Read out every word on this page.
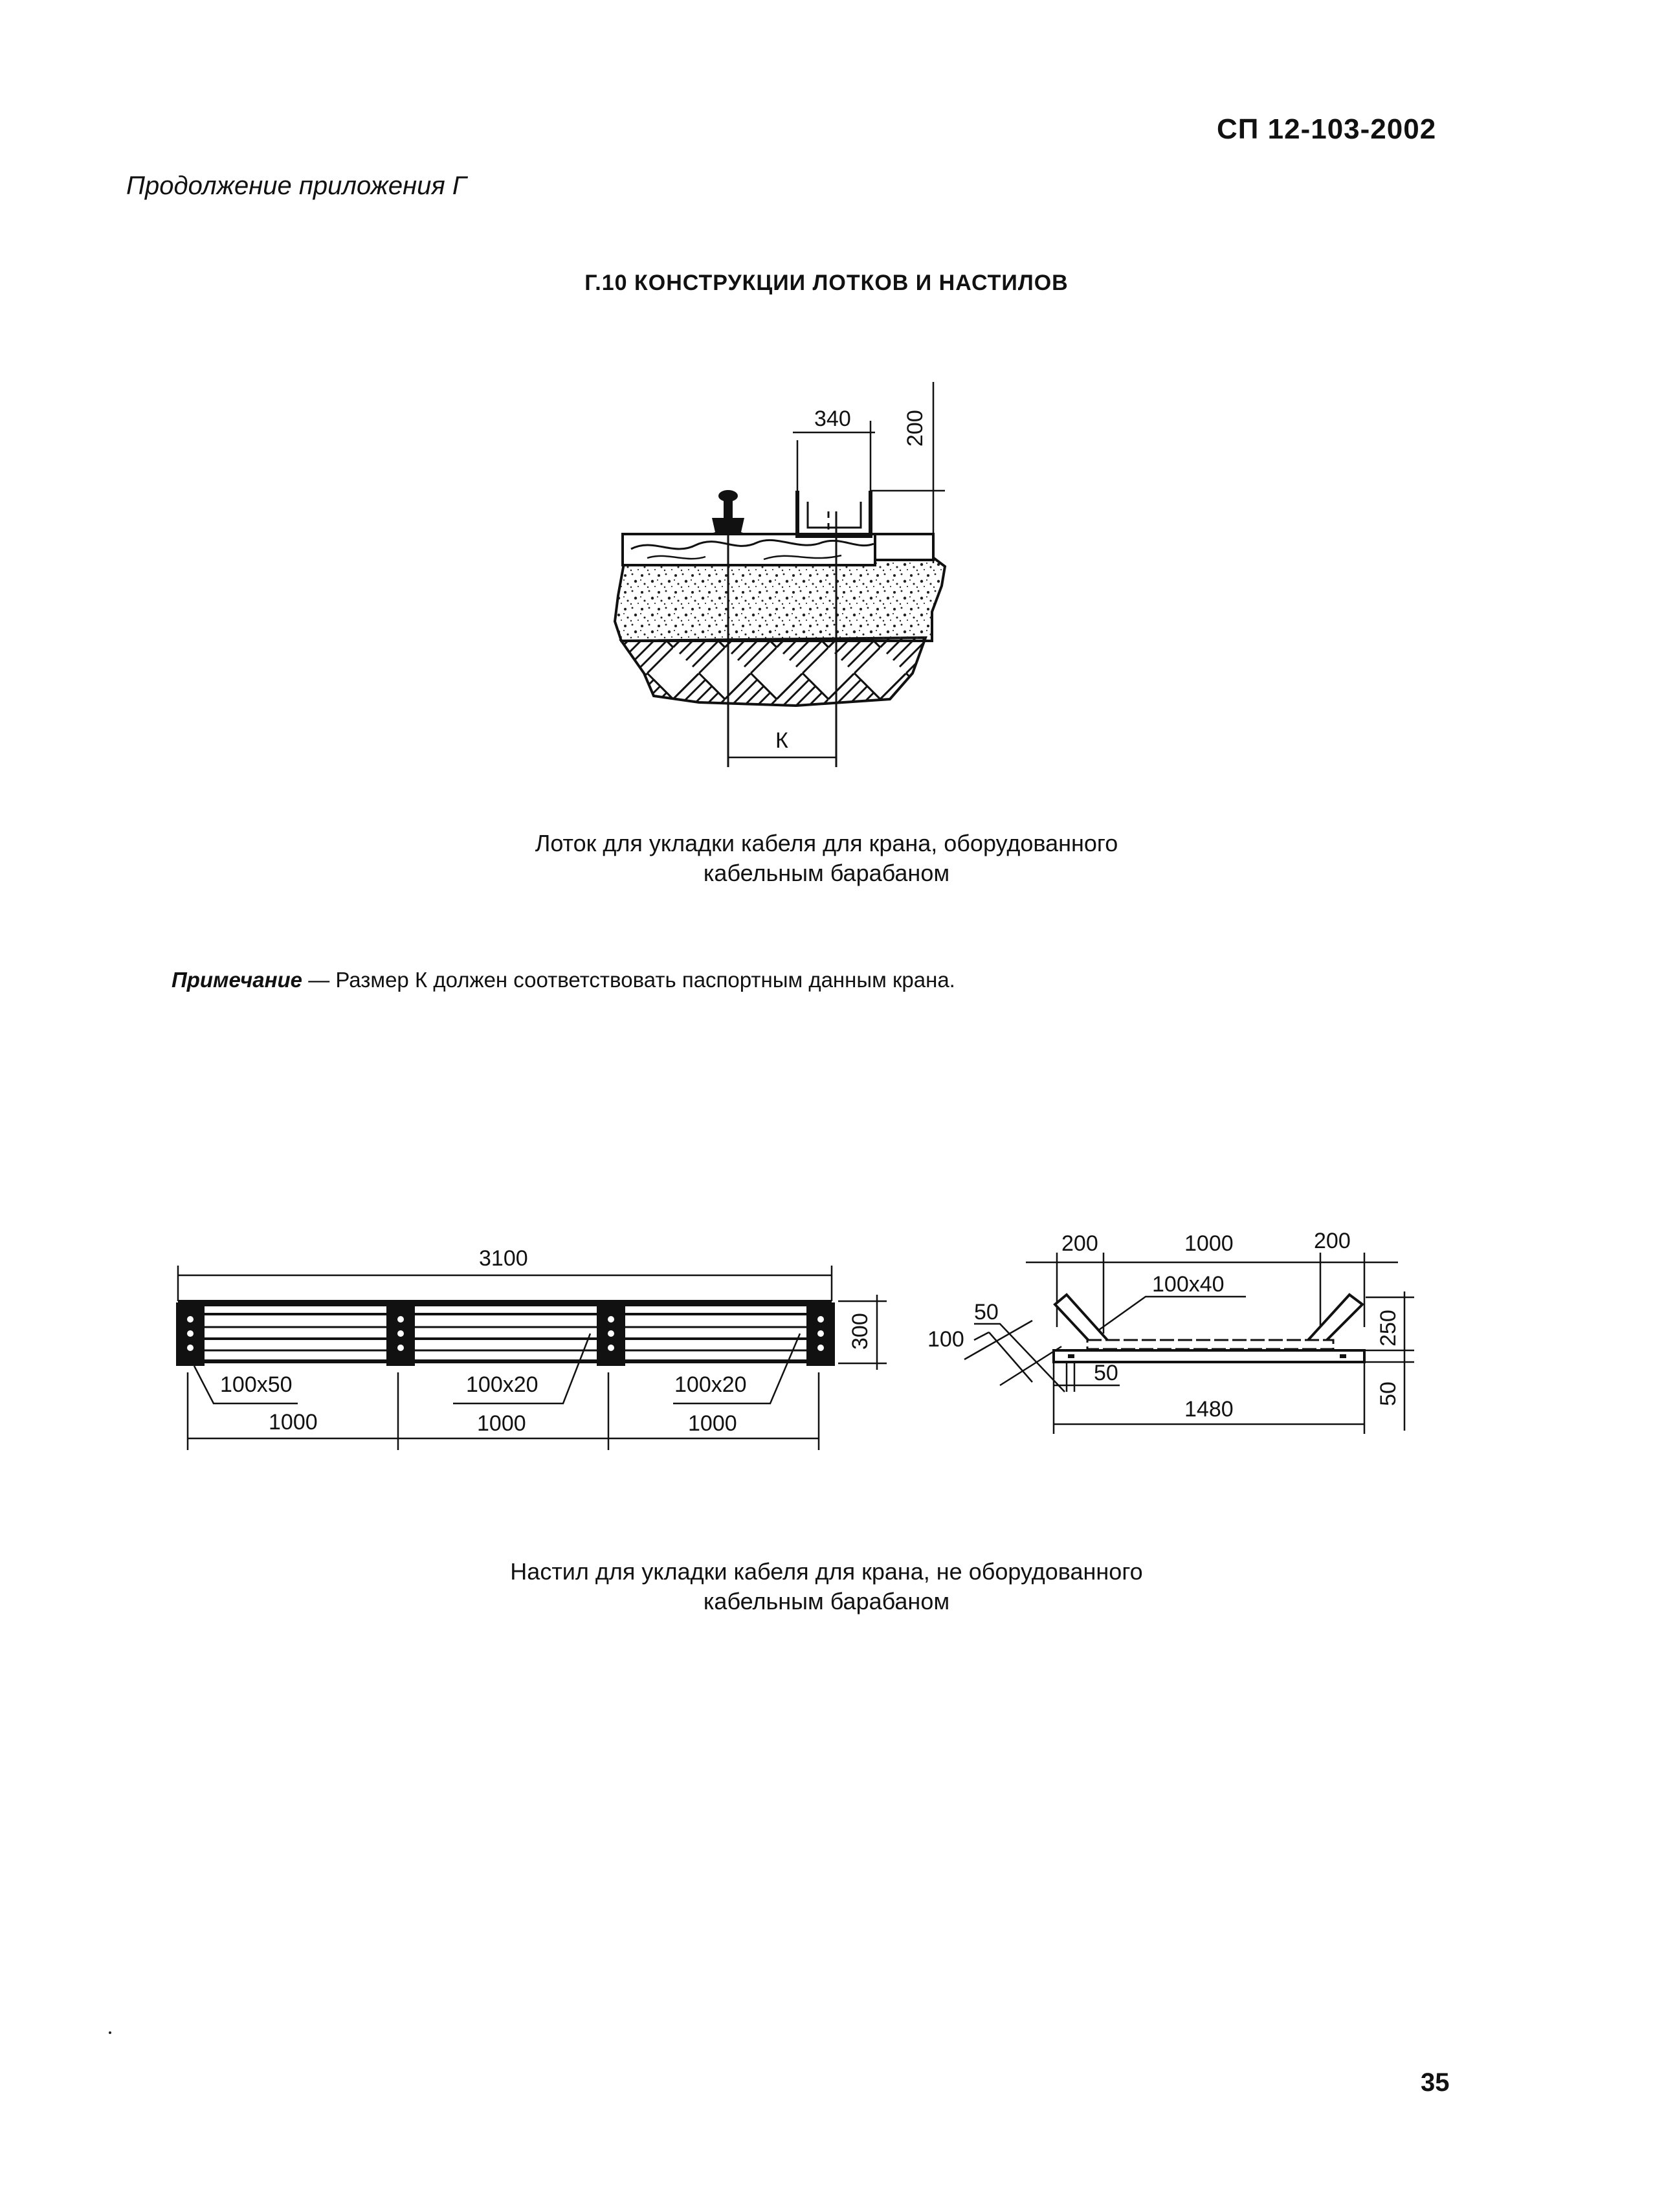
СП 12-103-2002
Продолжение приложения Г
Г.10 КОНСТРУКЦИИ ЛОТКОВ И НАСТИЛОВ
340 200
К
Лоток для укладки кабеля для крана, оборудованного
кабельным барабаном
Примечание — Размер К должен соответствовать паспортным данным крана.
3100
300
100x50	100x20	100x20
1000	1000	1000
200	1000	200
100x40
250
50
50
100
50
1480
Настил для укладки кабеля для крана, не оборудованного
кабельным барабаном
35
